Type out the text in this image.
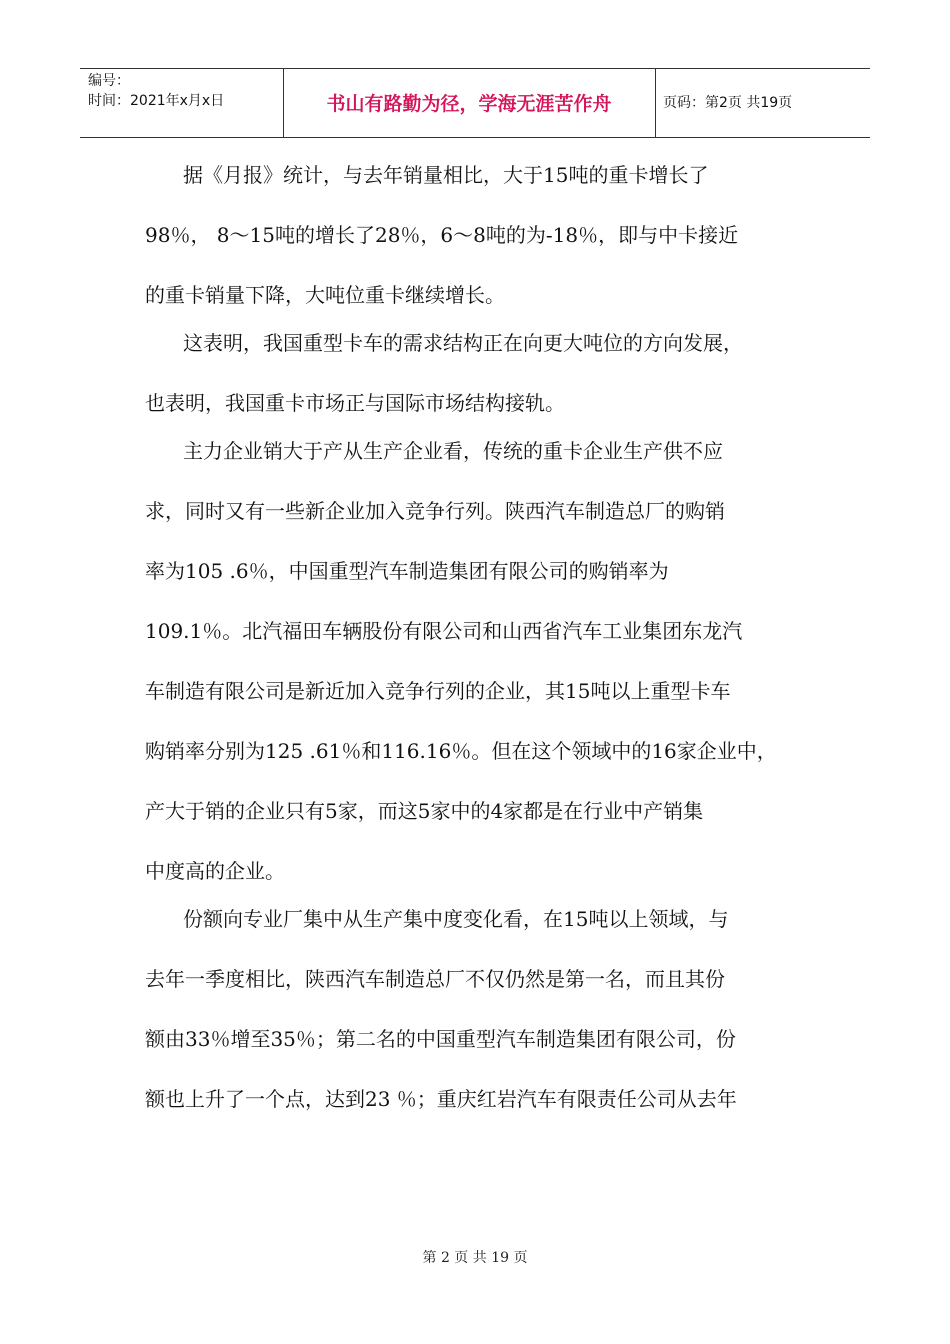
编号：
时间：2021年x月x日	书山有路勤为径，学海无涯苦作舟	页码：第2页 共19页

据《月报》统计，与去年销量相比，大于15吨的重卡增长了
98％， 8～15吨的增长了28％，6～8吨的为-18％，即与中卡接近
的重卡销量下降，大吨位重卡继续增长。

这表明，我国重型卡车的需求结构正在向更大吨位的方向发展，
也表明，我国重卡市场正与国际市场结构接轨。

主力企业销大于产从生产企业看，传统的重卡企业生产供不应
求，同时又有一些新企业加入竞争行列。陕西汽车制造总厂的购销
率为105 .6％，中国重型汽车制造集团有限公司的购销率为
109.1％。北汽福田车辆股份有限公司和山西省汽车工业集团东龙汽
车制造有限公司是新近加入竞争行列的企业，其15吨以上重型卡车
购销率分别为125 .61％和116.16％。但在这个领域中的16家企业中，
产大于销的企业只有5家，而这5家中的4家都是在行业中产销集
中度高的企业。

份额向专业厂集中从生产集中度变化看，在15吨以上领域，与
去年一季度相比，陕西汽车制造总厂不仅仍然是第一名，而且其份
额由33％增至35％；第二名的中国重型汽车制造集团有限公司，份
额也上升了一个点，达到23 ％；重庆红岩汽车有限责任公司从去年

第 2 页 共 19 页
